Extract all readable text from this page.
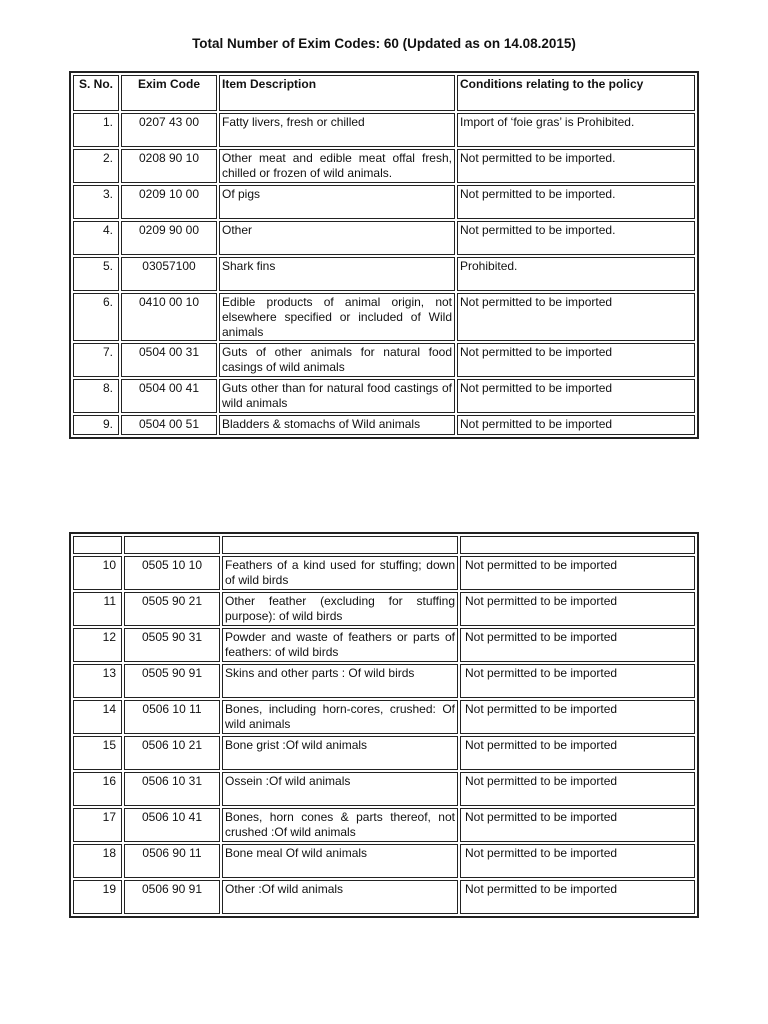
Total Number of Exim Codes: 60 (Updated as on 14.08.2015)
S. No.	Exim Code	Item Description	Conditions relating to the policy
1.	0207 43 00	Fatty livers, fresh or chilled	Import of ‘foie gras’ is Prohibited.
2.	0208 90 10	Other meat and edible meat offal fresh, chilled or frozen of wild animals.	Not permitted to be imported.
3.	0209 10 00	Of pigs	Not permitted to be imported.
4.	0209 90 00	Other	Not permitted to be imported.
5.	03057100	Shark fins	Prohibited.
6.	0410 00 10	Edible products of animal origin, not elsewhere specified or included of Wild animals	Not permitted to be imported
7.	0504 00 31	Guts of other animals for natural food casings of wild animals	Not permitted to be imported
8.	0504 00 41	Guts other than for natural food castings of wild animals	Not permitted to be imported
9.	0504 00 51	Bladders & stomachs of Wild animals	Not permitted to be imported

10	0505 10 10	Feathers of a kind used for stuffing; down of wild birds	Not permitted to be imported
11	0505 90 21	Other feather (excluding for stuffing purpose): of wild birds	Not permitted to be imported
12	0505 90 31	Powder and waste of feathers or parts of feathers: of wild birds	Not permitted to be imported
13	0505 90 91	Skins and other parts : Of wild birds	Not permitted to be imported
14	0506 10 11	Bones, including horn-cores, crushed: Of wild animals	Not permitted to be imported
15	0506 10 21	Bone grist :Of wild animals	Not permitted to be imported
16	0506 10 31	Ossein :Of wild animals	Not permitted to be imported
17	0506 10 41	Bones, horn cones & parts thereof, not crushed :Of wild animals	Not permitted to be imported
18	0506 90 11	Bone meal Of wild animals	Not permitted to be imported
19	0506 90 91	Other :Of wild animals	Not permitted to be imported
